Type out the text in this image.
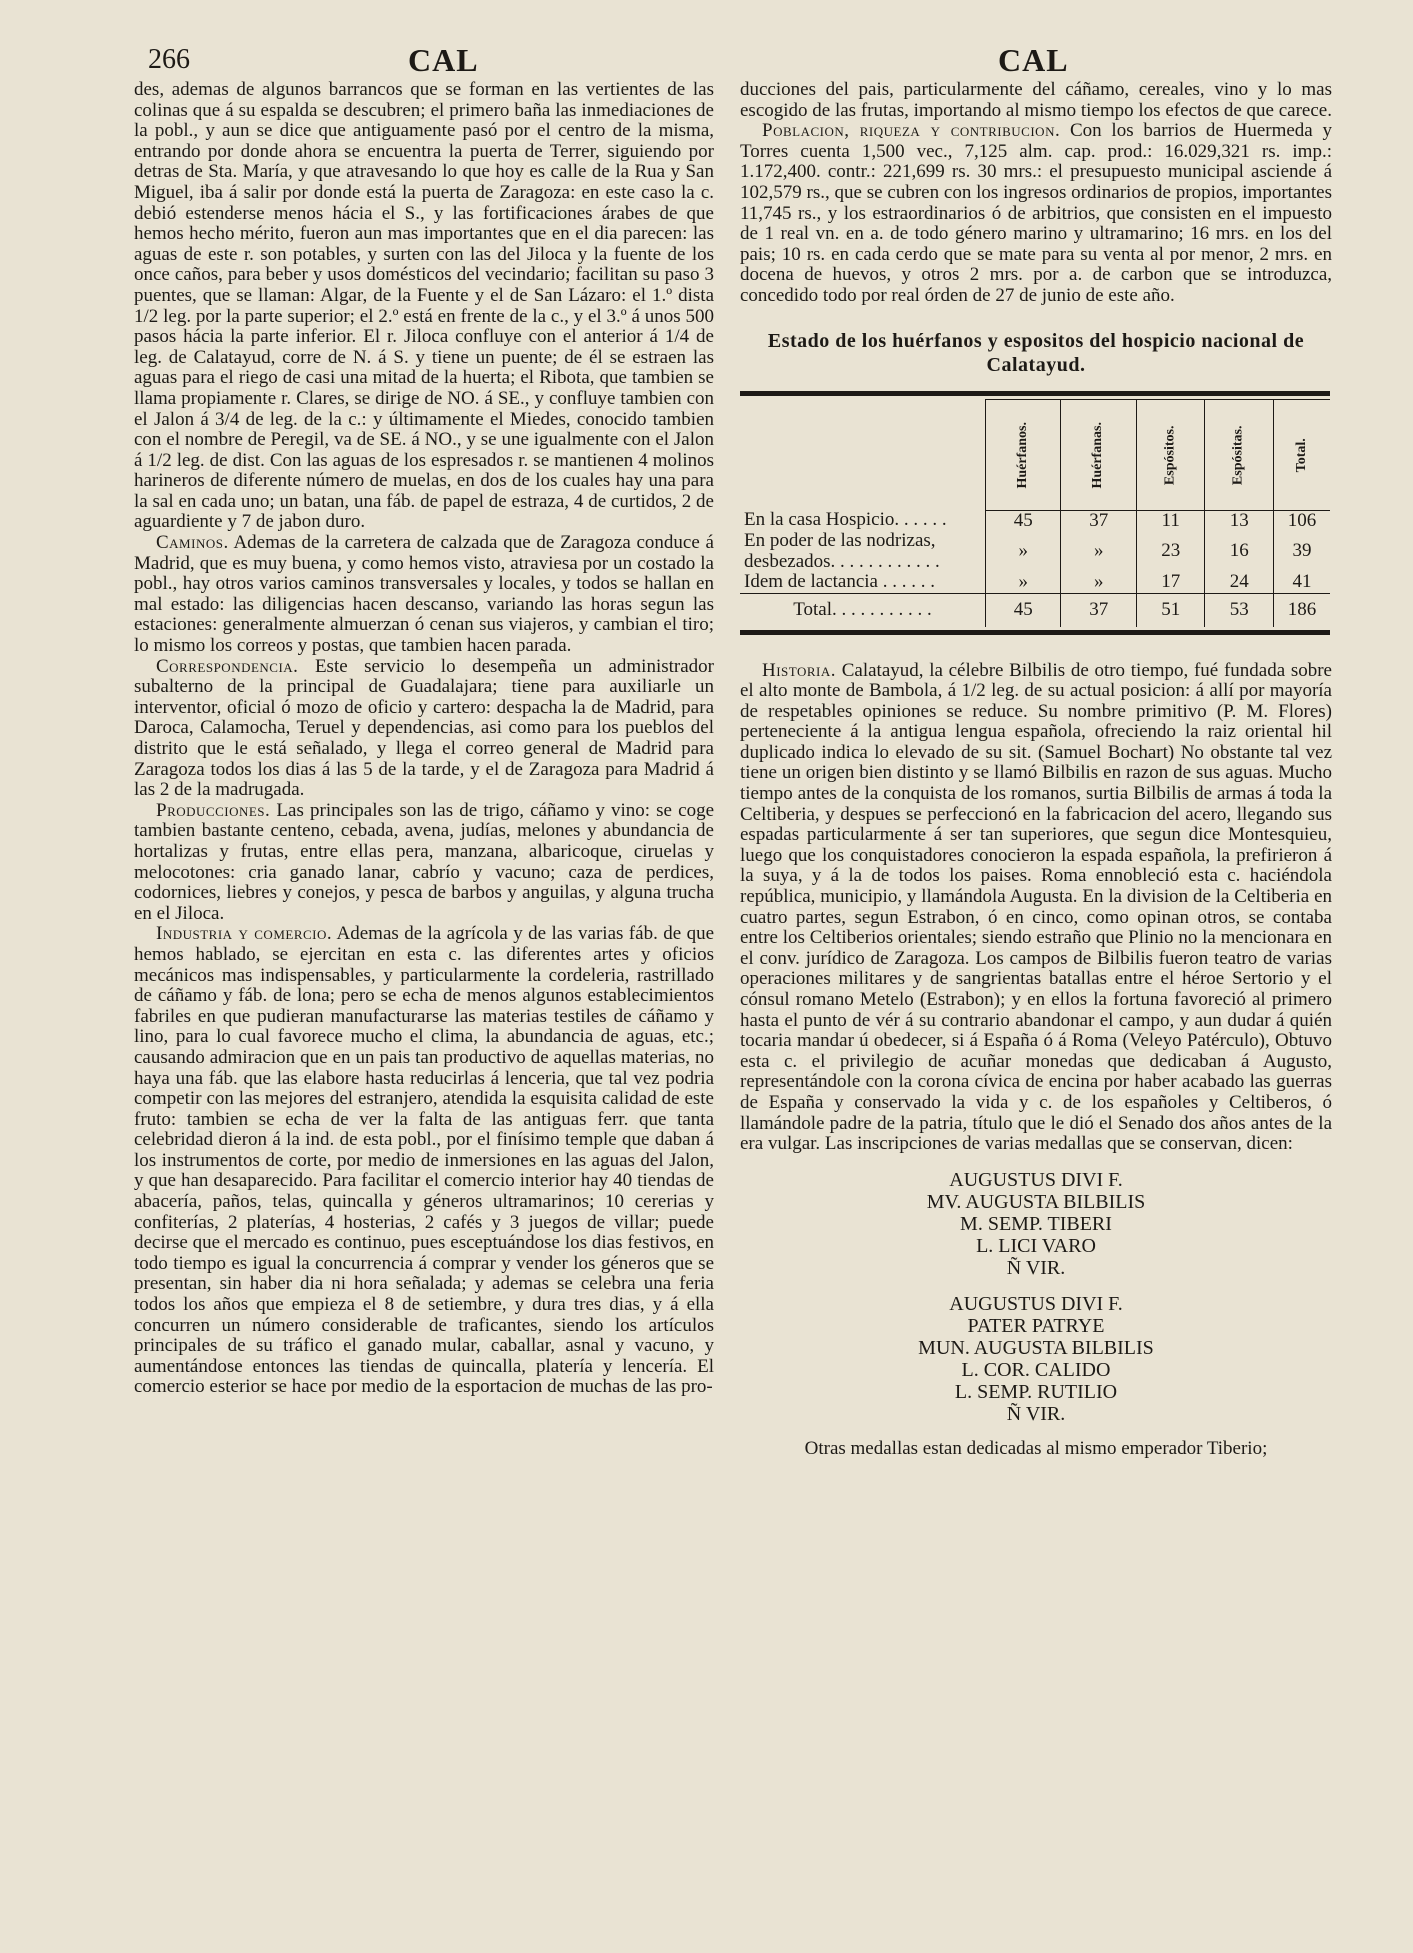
266	CAL	CAL

des, ademas de algunos barrancos que se forman en las vertientes de las colinas que á su espalda se descubren; el primero baña las inmediaciones de la pobl., y aun se dice que antiguamente pasó por el centro de la misma, entrando por donde ahora se encuentra la puerta de Terrer, siguiendo por detras de Sta. María, y que atravesando lo que hoy es calle de la Rua y San Miguel, iba á salir por donde está la puerta de Zaragoza: en este caso la c. debió estenderse menos hácia el S., y las fortificaciones árabes de que hemos hecho mérito, fueron aun mas importantes que en el dia parecen: las aguas de este r. son potables, y surten con las del Jiloca y la fuente de los once caños, para beber y usos domésticos del vecindario; facilitan su paso 3 puentes, que se llaman: Algar, de la Fuente y el de San Lázaro: el 1.º dista 1/2 leg. por la parte superior; el 2.º está en frente de la c., y el 3.º á unos 500 pasos hácia la parte inferior. El r. Jiloca confluye con el anterior á 1/4 de leg. de Calatayud, corre de N. á S. y tiene un puente; de él se estraen las aguas para el riego de casi una mitad de la huerta; el Ribota, que tambien se llama propiamente r. Clares, se dirige de NO. á SE., y confluye tambien con el Jalon á 3/4 de leg. de la c.: y últimamente el Miedes, conocido tambien con el nombre de Peregil, va de SE. á NO., y se une igualmente con el Jalon á 1/2 leg. de dist. Con las aguas de los espresados r. se mantienen 4 molinos harineros de diferente número de muelas, en dos de los cuales hay una para la sal en cada uno; un batan, una fáb. de papel de estraza, 4 de curtidos, 2 de aguardiente y 7 de jabon duro.

Caminos. Ademas de la carretera de calzada que de Zaragoza conduce á Madrid, que es muy buena, y como hemos visto, atraviesa por un costado la pobl., hay otros varios caminos transversales y locales, y todos se hallan en mal estado: las diligencias hacen descanso, variando las horas segun las estaciones: generalmente almuerzan ó cenan sus viajeros, y cambian el tiro; lo mismo los correos y postas, que tambien hacen parada.

Correspondencia. Este servicio lo desempeña un administrador subalterno de la principal de Guadalajara; tiene para auxiliarle un interventor, oficial ó mozo de oficio y cartero: despacha la de Madrid, para Daroca, Calamocha, Teruel y dependencias, asi como para los pueblos del distrito que le está señalado, y llega el correo general de Madrid para Zaragoza todos los dias á las 5 de la tarde, y el de Zaragoza para Madrid á las 2 de la madrugada.

Producciones. Las principales son las de trigo, cáñamo y vino: se coge tambien bastante centeno, cebada, avena, judías, melones y abundancia de hortalizas y frutas, entre ellas pera, manzana, albaricoque, ciruelas y melocotones: cria ganado lanar, cabrío y vacuno; caza de perdices, codornices, liebres y conejos, y pesca de barbos y anguilas, y alguna trucha en el Jiloca.

Industria y comercio. Ademas de la agrícola y de las varias fáb. de que hemos hablado, se ejercitan en esta c. las diferentes artes y oficios mecánicos mas indispensables, y particularmente la cordeleria, rastrillado de cáñamo y fáb. de lona; pero se echa de menos algunos establecimientos fabriles en que pudieran manufacturarse las materias testiles de cáñamo y lino, para lo cual favorece mucho el clima, la abundancia de aguas, etc.; causando admiracion que en un pais tan productivo de aquellas materias, no haya una fáb. que las elabore hasta reducirlas á lenceria, que tal vez podria competir con las mejores del estranjero, atendida la esquisita calidad de este fruto: tambien se echa de ver la falta de las antiguas ferr. que tanta celebridad dieron á la ind. de esta pobl., por el finísimo temple que daban á los instrumentos de corte, por medio de inmersiones en las aguas del Jalon, y que han desaparecido. Para facilitar el comercio interior hay 40 tiendas de abacería, paños, telas, quincalla y géneros ultramarinos; 10 cererias y confiterías, 2 platerías, 4 hosterias, 2 cafés y 3 juegos de villar; puede decirse que el mercado es continuo, pues esceptuándose los dias festivos, en todo tiempo es igual la concurrencia á comprar y vender los géneros que se presentan, sin haber dia ni hora señalada; y ademas se celebra una feria todos los años que empieza el 8 de setiembre, y dura tres dias, y á ella concurren un número considerable de traficantes, siendo los artículos principales de su tráfico el ganado mular, caballar, asnal y vacuno, y aumentándose entonces las tiendas de quincalla, platería y lencería. El comercio esterior se hace por medio de la esportacion de muchas de las pro-

ducciones del pais, particularmente del cáñamo, cereales, vino y lo mas escogido de las frutas, importando al mismo tiempo los efectos de que carece.

Poblacion, riqueza y contribucion. Con los barrios de Huermeda y Torres cuenta 1,500 vec., 7,125 alm. cap. prod.: 16.029,321 rs. imp.: 1.172,400. contr.: 221,699 rs. 30 mrs.: el presupuesto municipal asciende á 102,579 rs., que se cubren con los ingresos ordinarios de propios, importantes 11,745 rs., y los estraordinarios ó de arbitrios, que consisten en el impuesto de 1 real vn. en a. de todo género marino y ultramarino; 16 mrs. en los del pais; 10 rs. en cada cerdo que se mate para su venta al por menor, 2 mrs. en docena de huevos, y otros 2 mrs. por a. de carbon que se introduzca, concedido todo por real órden de 27 de junio de este año.

Estado de los huérfanos y espositos del hospicio nacional de Calatayud.
	Huérfanos.	Huérfanas.	Espósitos.	Espósitas.	Total.
En la casa Hospicio. . . . . .	45	37	11	13	106
En poder de las nodrizas, desbezados. . . . . . . . . . . .	»	»	23	16	39
Idem de lactancia . . . . . .	»	»	17	24	41
Total. . . . . . . . . . .	45	37	51	53	186

Historia. Calatayud, la célebre Bilbilis de otro tiempo, fué fundada sobre el alto monte de Bambola, á 1/2 leg. de su actual posicion: á allí por mayoría de respetables opiniones se reduce. Su nombre primitivo (P. M. Flores) perteneciente á la antigua lengua española, ofreciendo la raiz oriental hil duplicado indica lo elevado de su sit. (Samuel Bochart) No obstante tal vez tiene un origen bien distinto y se llamó Bilbilis en razon de sus aguas. Mucho tiempo antes de la conquista de los romanos, surtia Bilbilis de armas á toda la Celtiberia, y despues se perfeccionó en la fabricacion del acero, llegando sus espadas particularmente á ser tan superiores, que segun dice Montesquieu, luego que los conquistadores conocieron la espada española, la prefirieron á la suya, y á la de todos los paises. Roma ennobleció esta c. haciéndola república, municipio, y llamándola Augusta. En la division de la Celtiberia en cuatro partes, segun Estrabon, ó en cinco, como opinan otros, se contaba entre los Celtiberios orientales; siendo estraño que Plinio no la mencionara en el conv. jurídico de Zaragoza. Los campos de Bilbilis fueron teatro de varias operaciones militares y de sangrientas batallas entre el héroe Sertorio y el cónsul romano Metelo (Estrabon); y en ellos la fortuna favoreció al primero hasta el punto de vér á su contrario abandonar el campo, y aun dudar á quién tocaria mandar ú obedecer, si á España ó á Roma (Veleyo Patérculo), Obtuvo esta c. el privilegio de acuñar monedas que dedicaban á Augusto, representándole con la corona cívica de encina por haber acabado las guerras de España y conservado la vida y c. de los españoles y Celtiberos, ó llamándole padre de la patria, título que le dió el Senado dos años antes de la era vulgar. Las inscripciones de varias medallas que se conservan, dicen:

AUGUSTUS DIVI F.
MV. AUGUSTA BILBILIS
M. SEMP. TIBERI
L. LICI VARO
Ñ VIR.
AUGUSTUS DIVI F.
PATER PATRYE
MUN. AUGUSTA BILBILIS
L. COR. CALIDO
L. SEMP. RUTILIO
Ñ VIR.

Otras medallas estan dedicadas al mismo emperador Tiberio;
